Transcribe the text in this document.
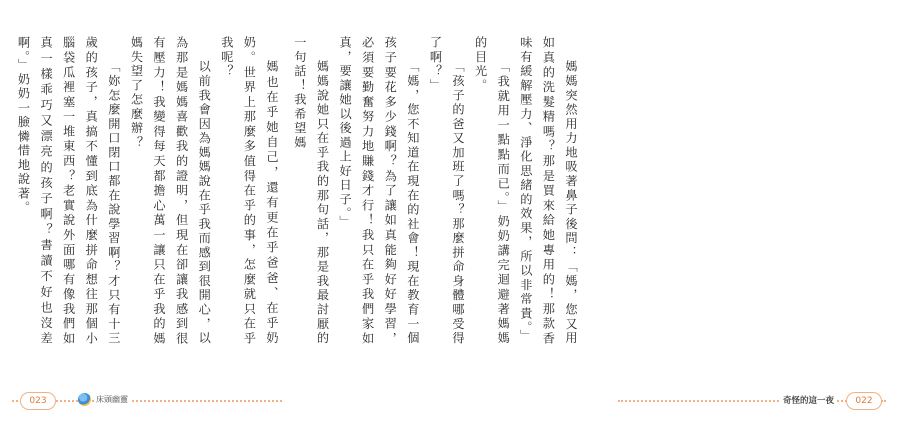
媽也在乎她自己，還有更在乎爸爸、在乎奶奶。世界上那麼多值得在乎的事，怎麼就只在乎我呢？

以前我會因為媽媽說在乎我而感到很開心，以為那是媽媽喜歡我的證明，但現在卻讓我感到很有壓力！我變得每天都擔心萬一讓只在乎我的媽媽失望了怎麼辦？

「妳怎麼開口閉口都在說學習啊？才只有十三歲的孩子，真搞不懂到底為什麼拼命想往那個小腦袋瓜裡塞一堆東西？老實說外面哪有像我們如真一樣乖巧又漂亮的孩子啊？書讀不好也沒差啊。」奶奶一臉憐惜地說著。

023	床頭幽靈

媽媽突然用力地吸著鼻子後問：「媽，您又用如真的洗髮精嗎？那是買來給她專用的！那款香味有緩解壓力、淨化思緒的效果，所以非常貴。」

「我就用一點點而已。」奶奶講完迴避著媽媽的目光。

「孩子的爸又加班了嗎？那麼拼命身體哪受得了啊？」

「媽，您不知道在現在的社會！現在教育一個孩子要花多少錢啊？為了讓如真能夠好好學習，必須要勤奮努力地賺錢才行！我只在乎我們家如真，要讓她以後過上好日子。」

媽媽說她只在乎我的那句話，那是我最討厭的一句話！我希望媽

奇怪的這一夜	022
